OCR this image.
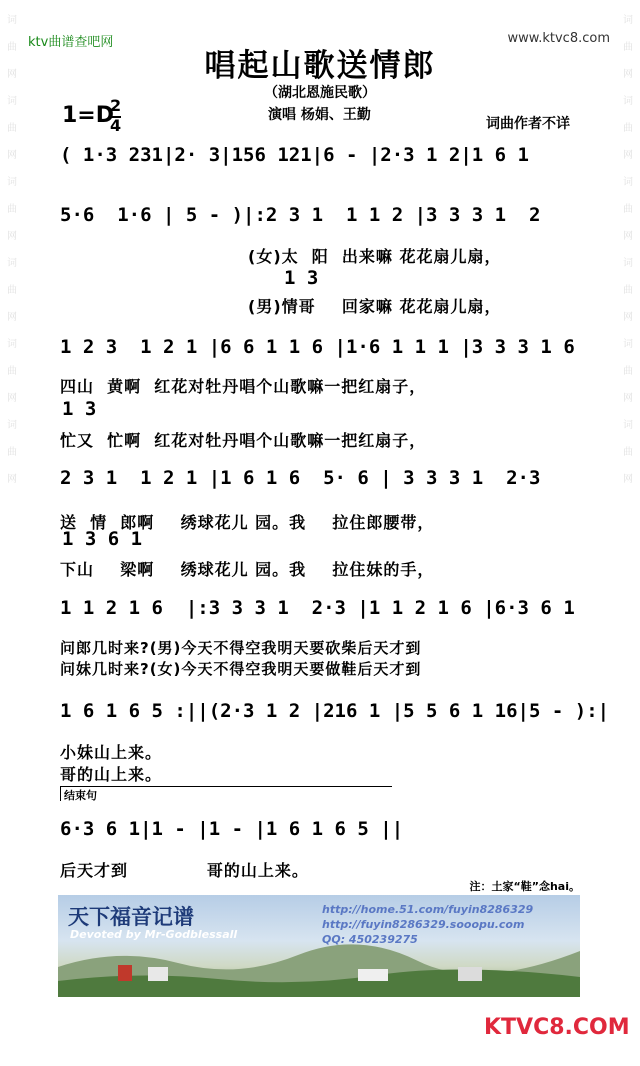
词
曲
网
词
曲
网
词
曲
网
词
曲
网
词
曲
网
词
曲
网
词
曲
网
词
曲
网
词
曲
网
词
曲
网
词
曲
网
词
曲
网
ktv曲谱查吧网	www.ktvc8.com
唱起山歌送情郎
（湖北恩施民歌）
1=D
2
4
演唱 杨娟、王勤
词曲作者不详
( 1·3 231|2· 3|156 121|6 - |2·3 1 2|1 6 1
5·6  1·6 | 5 - )|:2 3 1  1 1 2 |3 3 3 1  2
(女)太  阳  出来嘛 花花扇儿扇，
1 3
(男)情哥    回家嘛 花花扇儿扇，
1 2 3  1 2 1 |6 6 1 1 6 |1·6 1 1 1 |3 3 3 1 6
四山  黄啊  红花对牡丹唱个山歌嘛一把红扇子，
1 3
忙又  忙啊  红花对牡丹唱个山歌嘛一把红扇子，
2 3 1  1 2 1 |1 6 1 6  5· 6 | 3 3 3 1  2·3
送  情  郎啊    绣球花儿 园。我    拉住郎腰带，
1 3 6 1
下山    梁啊    绣球花儿 园。我    拉住妹的手，
1 1 2 1 6  |:3 3 3 1  2·3 |1 1 2 1 6 |6·3 6 1
问郎几时来?(男)今天不得空我明天要砍柴后天才到
问妹几时来?(女)今天不得空我明天要做鞋后天才到
1 6 1 6 5 :||(2·3 1 2 |216 1 |5 5 6 1 16|5 - ):|
小妹山上来。
哥的山上来。
结束句
6·3 6 1|1 - |1 - |1 6 1 6 5 ||
后天才到            哥的山上来。
注：土家“鞋”念hai。
天下福音记谱
Devoted by Mr-Godblessall
http://home.51.com/fuyin8286329
http://fuyin8286329.sooopu.com
QQ: 450239275
KTVC8.COM
